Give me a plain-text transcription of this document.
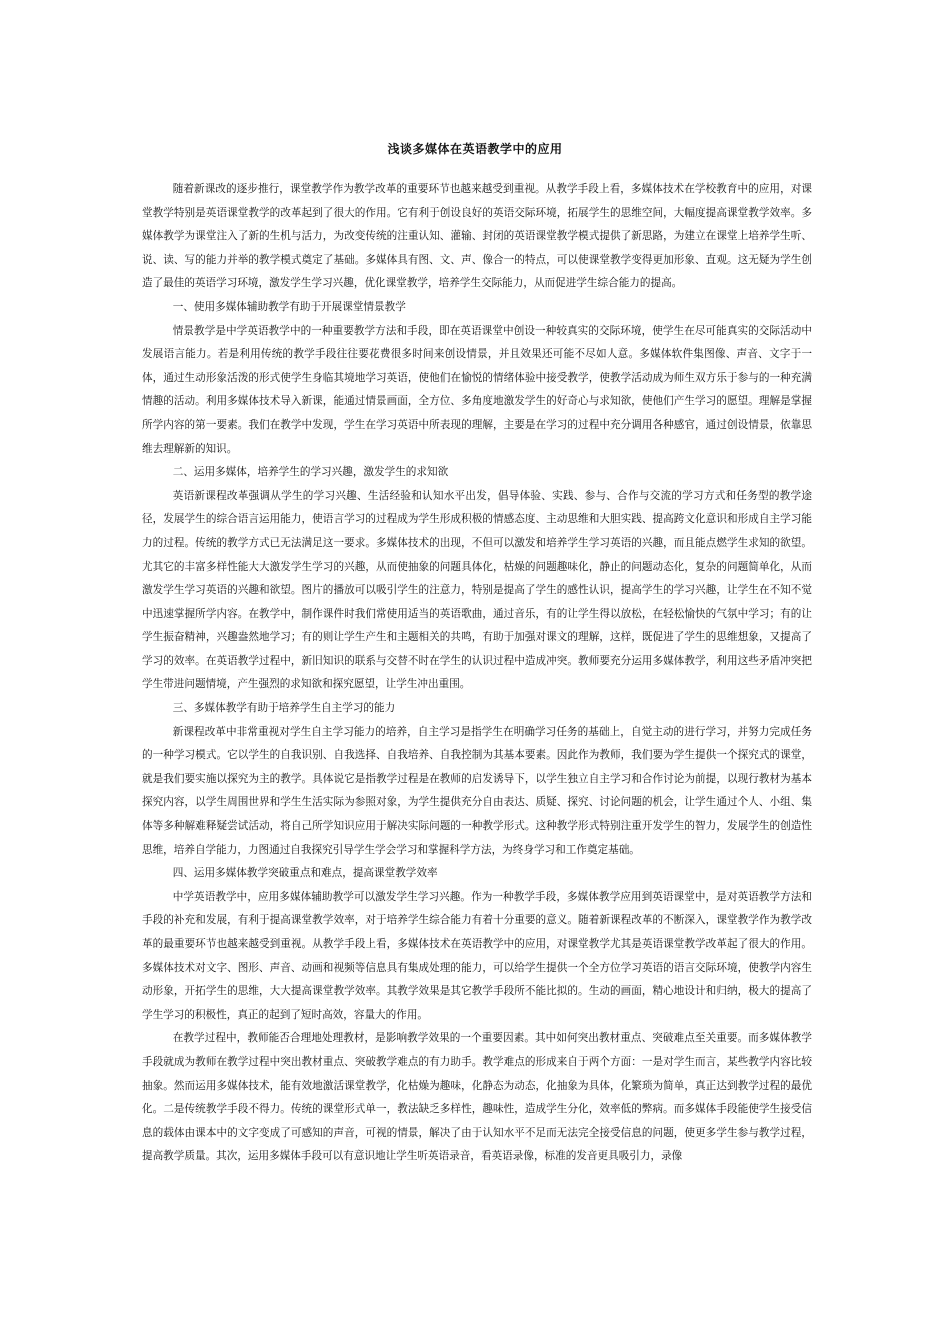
浅谈多媒体在英语教学中的应用

随着新课改的逐步推行，课堂教学作为教学改革的重要环节也越来越受到重视。从教学手段上看，多媒体技术在学校教育中的应用，对课堂教学特别是英语课堂教学的改革起到了很大的作用。它有利于创设良好的英语交际环境，拓展学生的思维空间，大幅度提高课堂教学效率。多媒体教学为课堂注入了新的生机与活力，为改变传统的注重认知、灌输、封闭的英语课堂教学模式提供了新思路，为建立在课堂上培养学生听、说、读、写的能力并举的教学模式奠定了基础。多媒体具有图、文、声、像合一的特点，可以使课堂教学变得更加形象、直观。这无疑为学生创造了最佳的英语学习环境，激发学生学习兴趣，优化课堂教学，培养学生交际能力，从而促进学生综合能力的提高。

一、使用多媒体辅助教学有助于开展课堂情景教学

情景教学是中学英语教学中的一种重要教学方法和手段，即在英语课堂中创设一种较真实的交际环境，使学生在尽可能真实的交际活动中发展语言能力。若是利用传统的教学手段往往要花费很多时间来创设情景，并且效果还可能不尽如人意。多媒体软件集图像、声音、文字于一体，通过生动形象活泼的形式使学生身临其境地学习英语，使他们在愉悦的情绪体验中接受教学，使教学活动成为师生双方乐于参与的一种充满情趣的活动。利用多媒体技术导入新课，能通过情景画面，全方位、多角度地激发学生的好奇心与求知欲，使他们产生学习的愿望。理解是掌握所学内容的第一要素。我们在教学中发现，学生在学习英语中所表现的理解，主要是在学习的过程中充分调用各种感官，通过创设情景，依靠思维去理解新的知识。

二、运用多媒体，培养学生的学习兴趣，激发学生的求知欲

英语新课程改革强调从学生的学习兴趣、生活经验和认知水平出发，倡导体验、实践、参与、合作与交流的学习方式和任务型的教学途径，发展学生的综合语言运用能力，使语言学习的过程成为学生形成积极的情感态度、主动思维和大胆实践、提高跨文化意识和形成自主学习能力的过程。传统的教学方式已无法满足这一要求。多媒体技术的出现，不但可以激发和培养学生学习英语的兴趣，而且能点燃学生求知的欲望。尤其它的丰富多样性能大大激发学生学习的兴趣，从而使抽象的问题具体化，枯燥的问题趣味化，静止的问题动态化，复杂的问题简单化，从而激发学生学习英语的兴趣和欲望。图片的播放可以吸引学生的注意力，特别是提高了学生的感性认识，提高学生的学习兴趣，让学生在不知不觉中迅速掌握所学内容。在教学中，制作课件时我们常使用适当的英语歌曲，通过音乐，有的让学生得以放松，在轻松愉快的气氛中学习；有的让学生振奋精神，兴趣盎然地学习；有的则让学生产生和主题相关的共鸣，有助于加强对课文的理解，这样，既促进了学生的思维想象，又提高了学习的效率。在英语教学过程中，新旧知识的联系与交替不时在学生的认识过程中造成冲突。教师要充分运用多媒体教学，利用这些矛盾冲突把学生带进问题情境，产生强烈的求知欲和探究愿望，让学生冲出重围。

三、多媒体教学有助于培养学生自主学习的能力

新课程改革中非常重视对学生自主学习能力的培养，自主学习是指学生在明确学习任务的基础上，自觉主动的进行学习，并努力完成任务的一种学习模式。它以学生的自我识别、自我选择、自我培养、自我控制为其基本要素。因此作为教师，我们要为学生提供一个探究式的课堂，就是我们要实施以探究为主的教学。具体说它是指教学过程是在教师的启发诱导下，以学生独立自主学习和合作讨论为前提，以现行教材为基本探究内容，以学生周围世界和学生生活实际为参照对象，为学生提供充分自由表达、质疑、探究、讨论问题的机会，让学生通过个人、小组、集体等多种解难释疑尝试活动，将自己所学知识应用于解决实际问题的一种教学形式。这种教学形式特别注重开发学生的智力，发展学生的创造性思维，培养自学能力，力图通过自我探究引导学生学会学习和掌握科学方法，为终身学习和工作奠定基础。

四、运用多媒体教学突破重点和难点，提高课堂教学效率

中学英语教学中，应用多媒体辅助教学可以激发学生学习兴趣。作为一种教学手段，多媒体教学应用到英语课堂中，是对英语教学方法和手段的补充和发展，有利于提高课堂教学效率，对于培养学生综合能力有着十分重要的意义。随着新课程改革的不断深入，课堂教学作为教学改革的最重要环节也越来越受到重视。从教学手段上看，多媒体技术在英语教学中的应用，对课堂教学尤其是英语课堂教学改革起了很大的作用。多媒体技术对文字、图形、声音、动画和视频等信息具有集成处理的能力，可以给学生提供一个全方位学习英语的语言交际环境，使教学内容生动形象，开拓学生的思维，大大提高课堂教学效率。其教学效果是其它教学手段所不能比拟的。生动的画面，精心地设计和归纳，极大的提高了学生学习的积极性，真正的起到了短时高效，容量大的作用。

在教学过程中，教师能否合理地处理教材，是影响教学效果的一个重要因素。其中如何突出教材重点、突破难点至关重要。而多媒体教学手段就成为教师在教学过程中突出教材重点、突破教学难点的有力助手。教学难点的形成来自于两个方面：一是对学生而言，某些教学内容比较抽象。然而运用多媒体技术，能有效地激活课堂教学，化枯燥为趣味，化静态为动态，化抽象为具体，化繁琐为简单，真正达到教学过程的最优化。二是传统教学手段不得力。传统的课堂形式单一，教法缺乏多样性，趣味性，造成学生分化，效率低的弊病。而多媒体手段能使学生接受信息的载体由课本中的文字变成了可感知的声音，可视的情景，解决了由于认知水平不足而无法完全接受信息的问题，使更多学生参与教学过程，提高教学质量。其次，运用多媒体手段可以有意识地让学生听英语录音，看英语录像，标准的发音更具吸引力，录像
